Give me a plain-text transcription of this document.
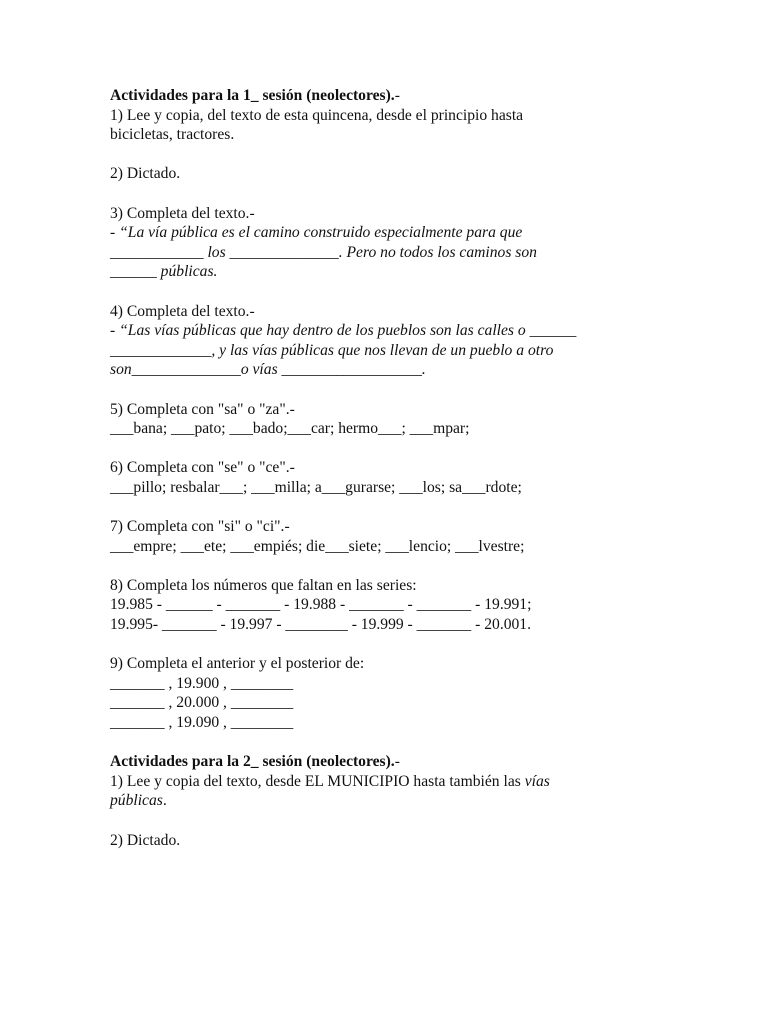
Actividades para la 1_ sesión (neolectores).-
1) Lee y copia, del texto de esta quincena, desde el principio hasta
bicicletas, tractores.
2) Dictado.
3) Completa del texto.-
- “La vía pública es el camino construido especialmente para que
____________ los ______________. Pero no todos los caminos son
______ públicas.
4) Completa del texto.-
- “Las vías públicas que hay dentro de los pueblos son las calles o ______
_____________, y las vías públicas que nos llevan de un pueblo a otro
son______________o vías __________________.
5) Completa con "sa" o "za".-
___bana; ___pato; ___bado;___car; hermo___; ___mpar;
6) Completa con "se" o "ce".-
___pillo; resbalar___; ___milla; a___gurarse; ___los; sa___rdote;
7) Completa con "si" o "ci".-
___empre; ___ete; ___empiés; die___siete; ___lencio; ___lvestre;
8) Completa los números que faltan en las series:
19.985 - ______ - _______ - 19.988 - _______ - _______ - 19.991;
19.995- _______ - 19.997 - ________ - 19.999 - _______ - 20.001.
9) Completa el anterior y el posterior de:
_______ , 19.900 , ________
_______ , 20.000 , ________
_______ , 19.090 , ________
Actividades para la 2_ sesión (neolectores).-
1) Lee y copia del texto, desde EL MUNICIPIO hasta también las vías
públicas.
2) Dictado.
